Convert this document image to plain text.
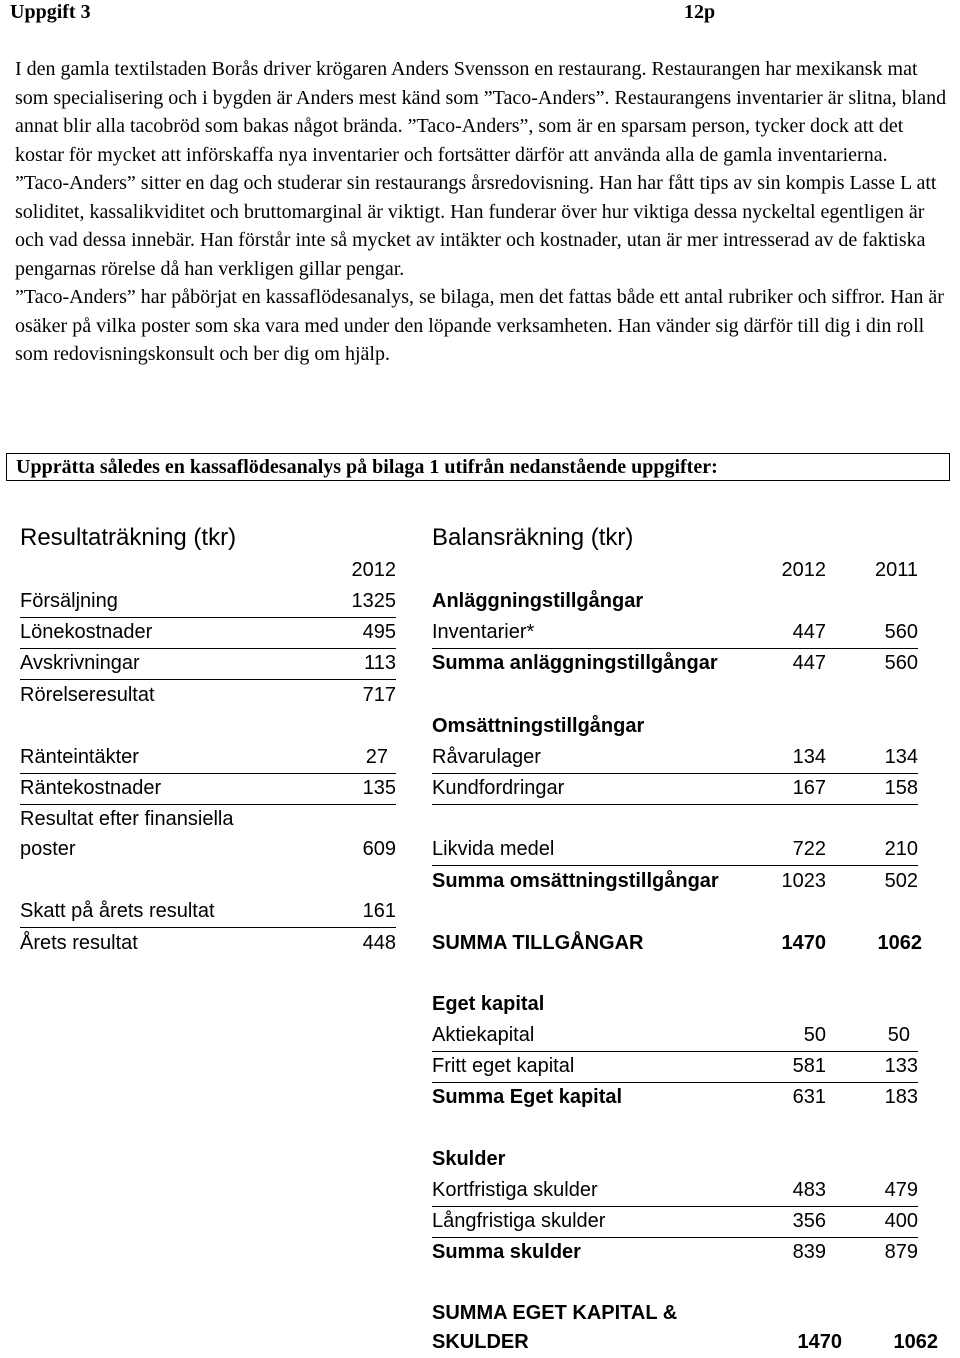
Uppgift 3	12p

I den gamla textilstaden Borås driver krögaren Anders Svensson en restaurang. Restaurangen har mexikansk mat som specialisering och i bygden är Anders mest känd som ”Taco-Anders”. Restaurangens inventarier är slitna, bland annat blir alla tacobröd som bakas något brända. ”Taco-Anders”, som är en sparsam person, tycker dock att det kostar för mycket att införskaffa nya inventarier och fortsätter därför att använda alla de gamla inventarierna.

”Taco-Anders” sitter en dag och studerar sin restaurangs årsredovisning. Han har fått tips av sin kompis Lasse L att soliditet, kassalikviditet och bruttomarginal är viktigt. Han funderar över hur viktiga dessa nyckeltal egentligen är och vad dessa innebär. Han förstår inte så mycket av intäkter och kostnader, utan är mer intresserad av de faktiska pengarnas rörelse då han verkligen gillar pengar.

”Taco-Anders” har påbörjat en kassaflödesanalys, se bilaga, men det fattas både ett antal rubriker och siffror. Han är osäker på vilka poster som ska vara med under den löpande verksamheten. Han vänder sig därför till dig i din roll som redovisningskonsult och ber dig om hjälp.

Upprätta således en kassaflödesanalys på bilaga 1 utifrån nedanstående uppgifter:
Resultaträkning (tkr)
2012
Försäljning	1325
Lönekostnader	495
Avskrivningar	113
Rörelseresultat	717
Ränteintäkter	27
Räntekostnader	135
Resultat efter finansiella
poster	609
Skatt på årets resultat	161
Årets resultat	448
Balansräkning (tkr)
2012 2011
Anläggningstillgångar
Inventarier*	447	560
Summa anläggningstillgångar	447	560
Omsättningstillgångar
Råvarulager	134	134
Kundfordringar	167	158
Likvida medel	722	210
Summa omsättningstillgångar	1023	502
SUMMA TILLGÅNGAR	1470	1062
Eget kapital
Aktiekapital	50	50
Fritt eget kapital	581	133
Summa Eget kapital	631	183
Skulder
Kortfristiga skulder	483	479
Långfristiga skulder	356	400
Summa skulder	839	879
SUMMA EGET KAPITAL &
SKULDER	1470	1062
